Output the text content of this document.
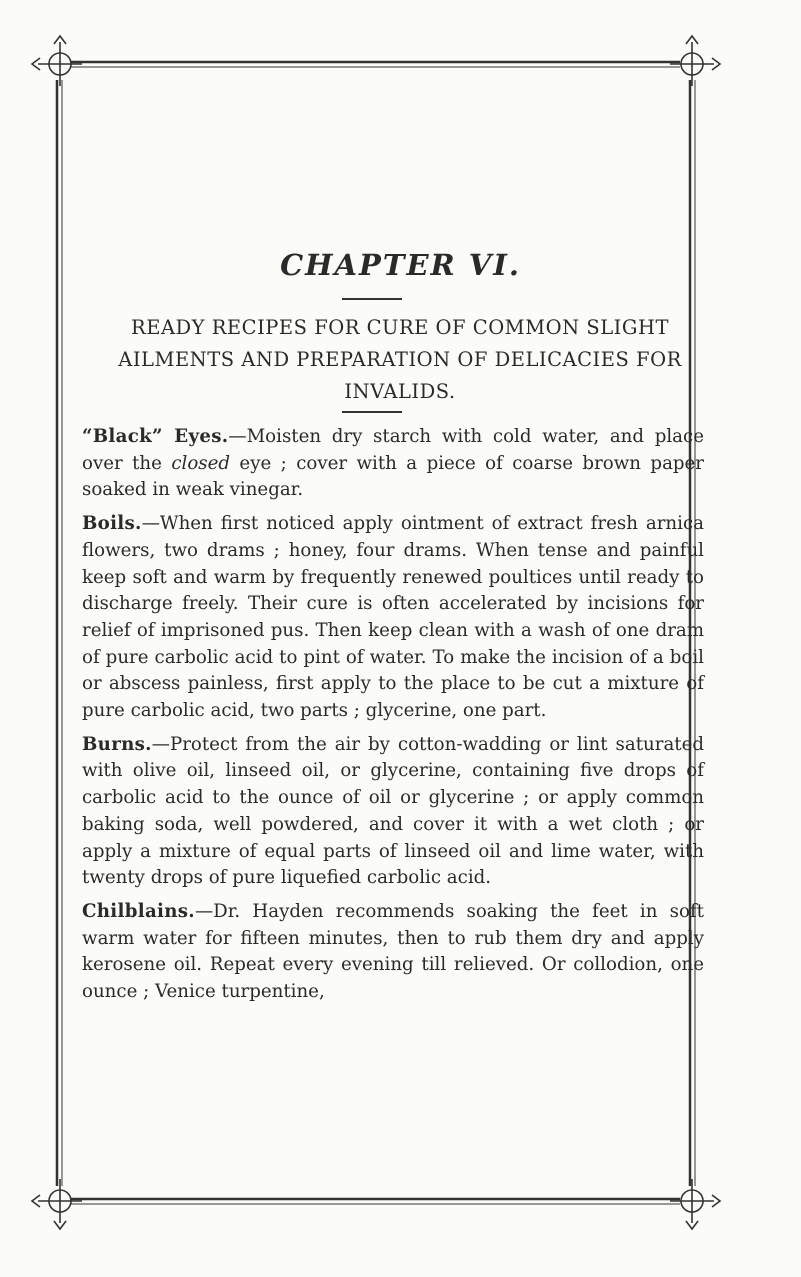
CHAPTER VI.
READY RECIPES FOR CURE OF COMMON SLIGHT AILMENTS AND PREPARATION OF DELICACIES FOR INVALIDS.

“Black” Eyes.—Moisten dry starch with cold water, and place over the closed eye ; cover with a piece of coarse brown paper soaked in weak vinegar.

Boils.—When first noticed apply ointment of extract fresh arnica flowers, two drams ; honey, four drams. When tense and painful keep soft and warm by frequently renewed poultices until ready to discharge freely. Their cure is often accelerated by incisions for relief of imprisoned pus. Then keep clean with a wash of one dram of pure carbolic acid to pint of water. To make the incision of a boil or abscess painless, first apply to the place to be cut a mixture of pure carbolic acid, two parts ; glycerine, one part.

Burns.—Protect from the air by cotton-wadding or lint saturated with olive oil, linseed oil, or glycerine, containing five drops of carbolic acid to the ounce of oil or glycerine ; or apply common baking soda, well powdered, and cover it with a wet cloth ; or apply a mixture of equal parts of linseed oil and lime water, with twenty drops of pure liquefied carbolic acid.

Chilblains.—Dr. Hayden recommends soaking the feet in soft warm water for fifteen minutes, then to rub them dry and apply kerosene oil. Repeat every evening till relieved. Or collodion, one ounce ; Venice turpentine,
